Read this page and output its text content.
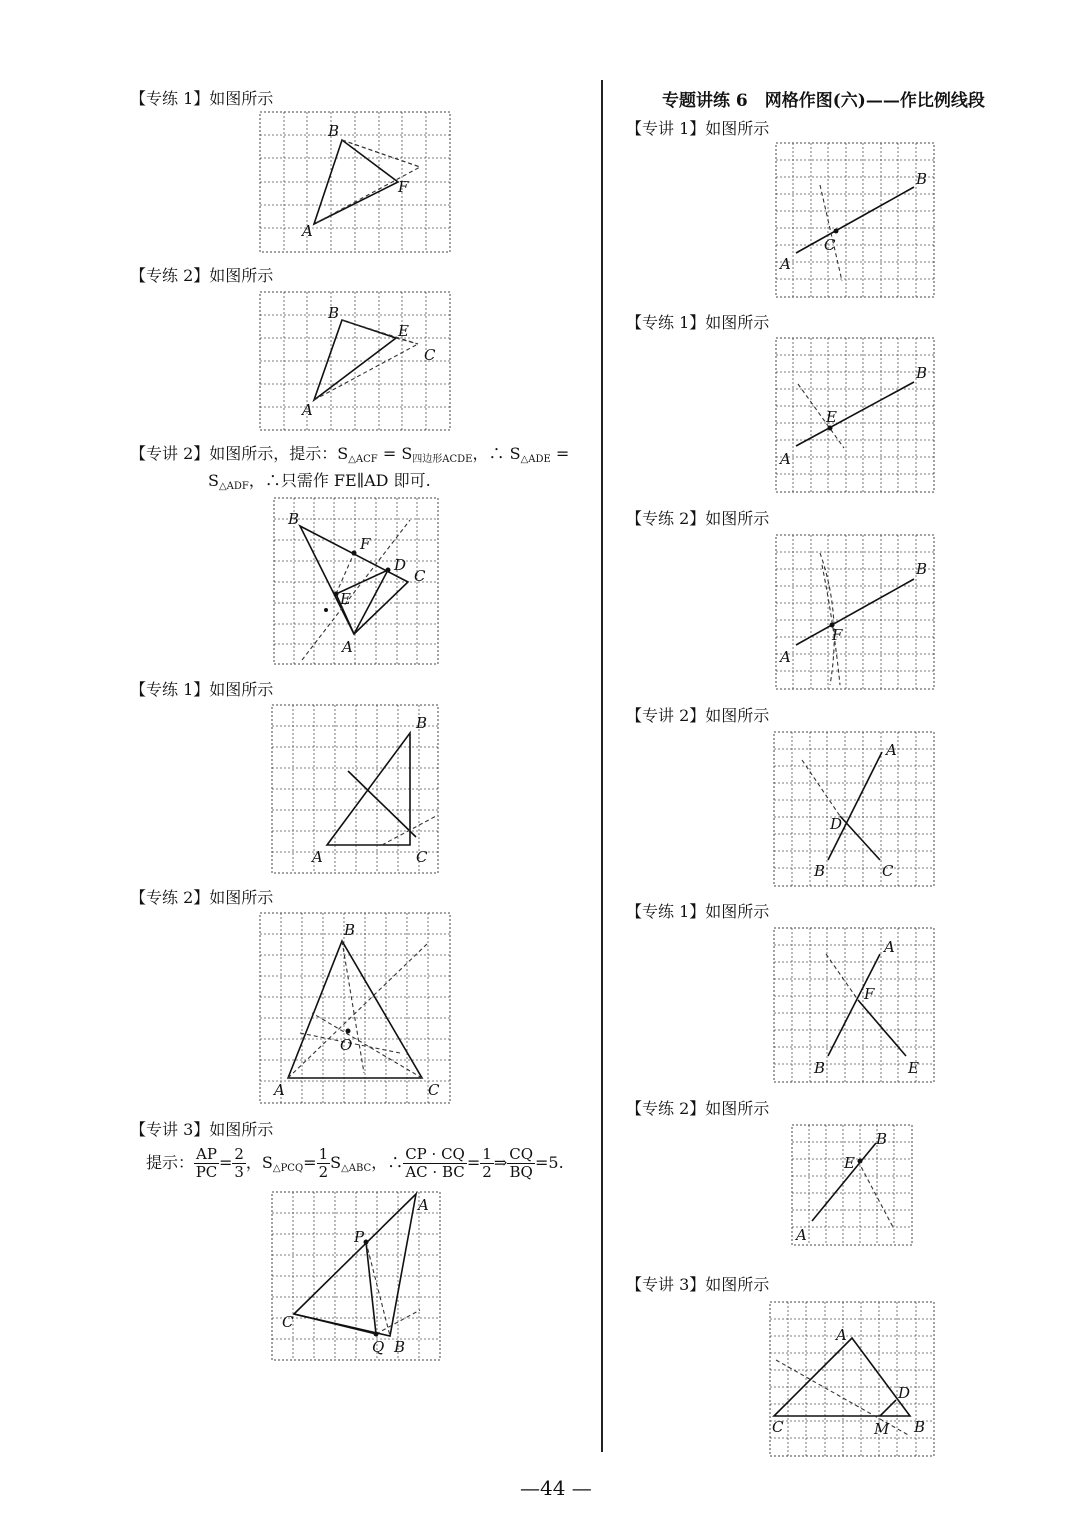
【专练 1】如图所示
B
F
A
【专练 2】如图所示
B
E
C
A
【专讲 2】如图所示，提示：$S_{\triangle ACF} = S_{四边形ACDE}$，∴ $S_{\triangle ADE}$ =
$S_{\triangle ADF}$，∴只需作 FE∥AD 即可.
B
F
D
C
E
A
【专练 1】如图所示
B
A	C
【专练 2】如图所示
B
O
A	C
【专讲 3】如图所示
提示： $\frac{AP}{PC} = \frac{2}{3}$ ，$S_{\triangle PCQ}= \frac{1}{2} S_{\triangle ABC}$，∴ $\frac{CP \cdot CQ}{AC \cdot BC} = \frac{1}{2}$ ⇒ $\frac{CQ}{BQ} =5$.
A
P
C
Q B
专题讲练 6　网格作图(六)——作比例线段
【专讲 1】如图所示
B
C
A
【专练 1】如图所示
B
E
A
【专练 2】如图所示
B
F
A
【专讲 2】如图所示
A
D
B	C
【专练 1】如图所示
A
F
B	E
【专练 2】如图所示
B
E
A
【专讲 3】如图所示
A
D
C	M B
—44 —
